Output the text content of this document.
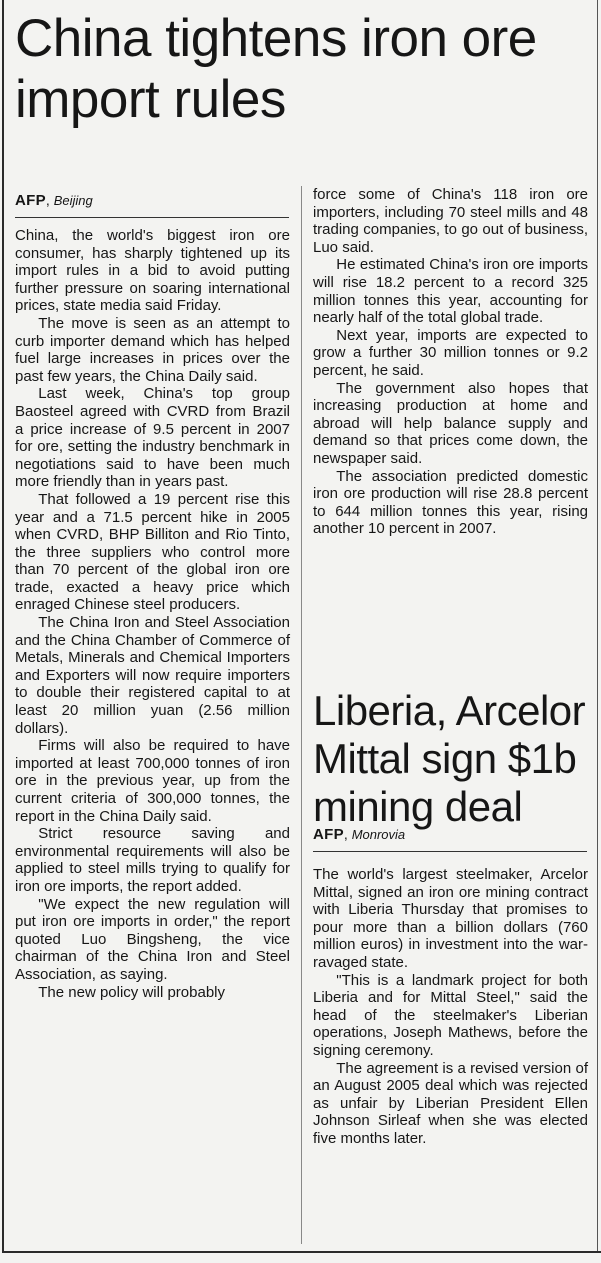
China tightens iron ore import rules
AFP, Beijing

China, the world's biggest iron ore consumer, has sharply tightened up its import rules in a bid to avoid putting further pressure on soaring international prices, state media said Friday.

The move is seen as an attempt to curb importer demand which has helped fuel large increases in prices over the past few years, the China Daily said.

Last week, China's top group Baosteel agreed with CVRD from Brazil a price increase of 9.5 percent in 2007 for ore, setting the industry benchmark in negotiations said to have been much more friendly than in years past.

That followed a 19 percent rise this year and a 71.5 percent hike in 2005 when CVRD, BHP Billiton and Rio Tinto, the three suppliers who control more than 70 percent of the global iron ore trade, exacted a heavy price which enraged Chinese steel producers.

The China Iron and Steel Association and the China Chamber of Commerce of Metals, Minerals and Chemical Importers and Exporters will now require importers to double their registered capital to at least 20 million yuan (2.56 million dollars).

Firms will also be required to have imported at least 700,000 tonnes of iron ore in the previous year, up from the current criteria of 300,000 tonnes, the report in the China Daily said.

Strict resource saving and environmental requirements will also be applied to steel mills trying to qualify for iron ore imports, the report added.

"We expect the new regulation will put iron ore imports in order," the report quoted Luo Bingsheng, the vice chairman of the China Iron and Steel Association, as saying.

The new policy will probably

force some of China's 118 iron ore importers, including 70 steel mills and 48 trading companies, to go out of business, Luo said.

He estimated China's iron ore imports will rise 18.2 percent to a record 325 million tonnes this year, accounting for nearly half of the total global trade.

Next year, imports are expected to grow a further 30 million tonnes or 9.2 percent, he said.

The government also hopes that increasing production at home and abroad will help balance supply and demand so that prices come down, the newspaper said.

The association predicted domestic iron ore production will rise 28.8 percent to 644 million tonnes this year, rising another 10 percent in 2007.

Liberia, Arcelor Mittal sign $1b mining deal
AFP, Monrovia

The world's largest steelmaker, Arcelor Mittal, signed an iron ore mining contract with Liberia Thursday that promises to pour more than a billion dollars (760 million euros) in investment into the war-ravaged state.

"This is a landmark project for both Liberia and for Mittal Steel," said the head of the steelmaker's Liberian operations, Joseph Mathews, before the signing ceremony.

The agreement is a revised version of an August 2005 deal which was rejected as unfair by Liberian President Ellen Johnson Sirleaf when she was elected five months later.
